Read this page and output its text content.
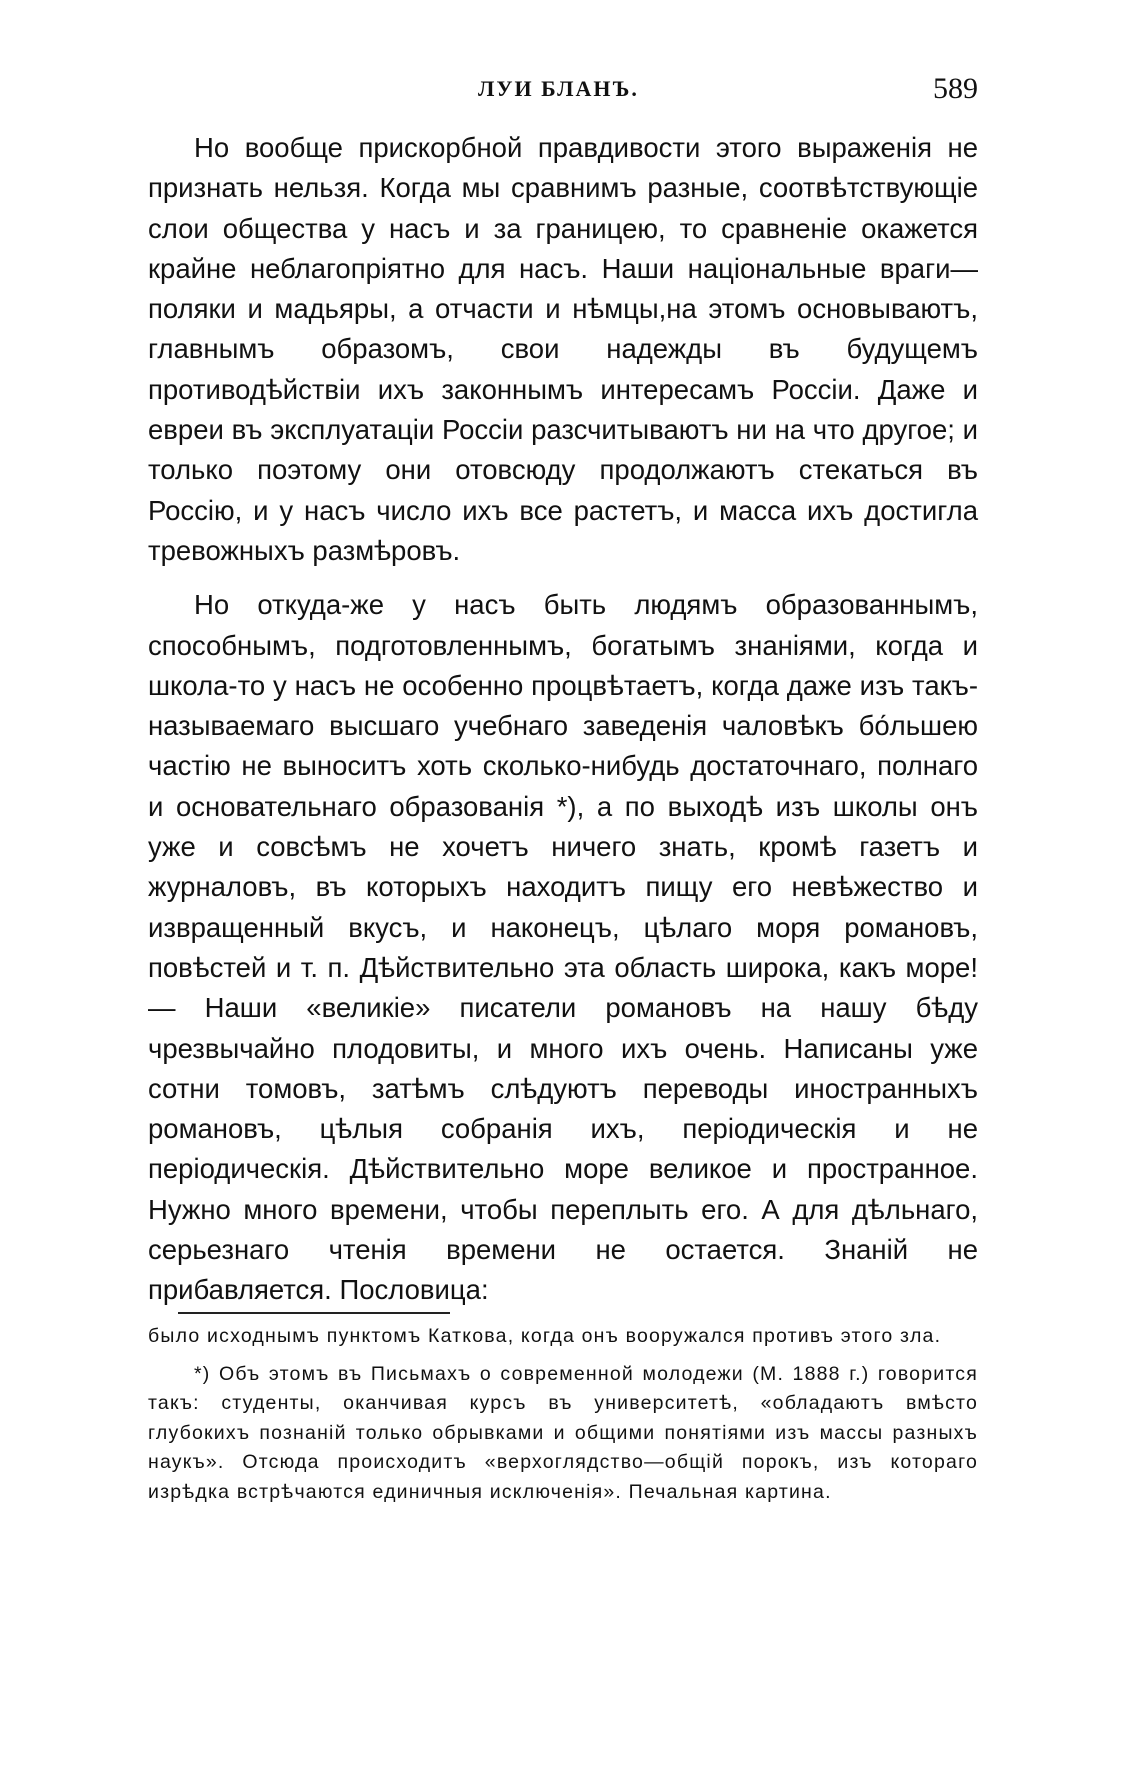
ЛУИ БЛАНЪ.	589

Но вообще прискорбной правдивости этого выраженія не признать нельзя. Когда мы сравнимъ разные, соотвѣтствующіе слои общества у насъ и за границею, то сравненіе окажется крайне неблагопріятно для насъ. Наши національные враги— поляки и мадьяры, а отчасти и нѣмцы,на этомъ основываютъ, главнымъ образомъ, свои надежды въ будущемъ противодѣйствіи ихъ законнымъ интересамъ Россіи. Даже и евреи въ эксплуатаціи Россіи разсчитываютъ ни на что другое; и только поэтому они отовсюду продолжаютъ стекаться въ Россію, и у насъ число ихъ все растетъ, и масса ихъ достигла тревожныхъ размѣровъ.

Но откуда-же у насъ быть людямъ образованнымъ, способнымъ, подготовленнымъ, богатымъ знаніями, когда и школа-то у насъ не особенно процвѣтаетъ, когда даже изъ такъ-называемаго высшаго учебнаго заведенія чаловѣкъ бо́льшею частію не выноситъ хоть сколько-нибудь достаточнаго, полнаго и основательнаго образованія *), а по выходѣ изъ школы онъ уже и совсѣмъ не хочетъ ничего знать, кромѣ газетъ и журналовъ, въ которыхъ находитъ пищу его невѣжество и извращенный вкусъ, и наконецъ, цѣлаго моря романовъ, повѣстей и т. п. Дѣйствительно эта область широка, какъ море! — Наши «великіе» писатели романовъ на нашу бѣду чрезвычайно плодовиты, и много ихъ очень. Написаны уже сотни томовъ, затѣмъ слѣдуютъ переводы иностранныхъ романовъ, цѣлыя собранія ихъ, періодическія и не періодическія. Дѣйствительно море великое и пространное. Нужно много времени, чтобы переплыть его. А для дѣльнаго, серьезнаго чтенія времени не остается. Знаній не прибавляется. Пословица:

было исходнымъ пунктомъ Каткова, когда онъ вооружался противъ этого зла.

*) Объ этомъ въ Письмахъ о современной молодежи (М. 1888 г.) говорится такъ: студенты, оканчивая курсъ въ университетѣ, «обладаютъ вмѣсто глубокихъ познаній только обрывками и общими понятіями изъ массы разныхъ наукъ». Отсюда происходитъ «верхоглядство—общій порокъ, изъ котораго изрѣдка встрѣчаются единичныя исключенія». Печальная картина.
